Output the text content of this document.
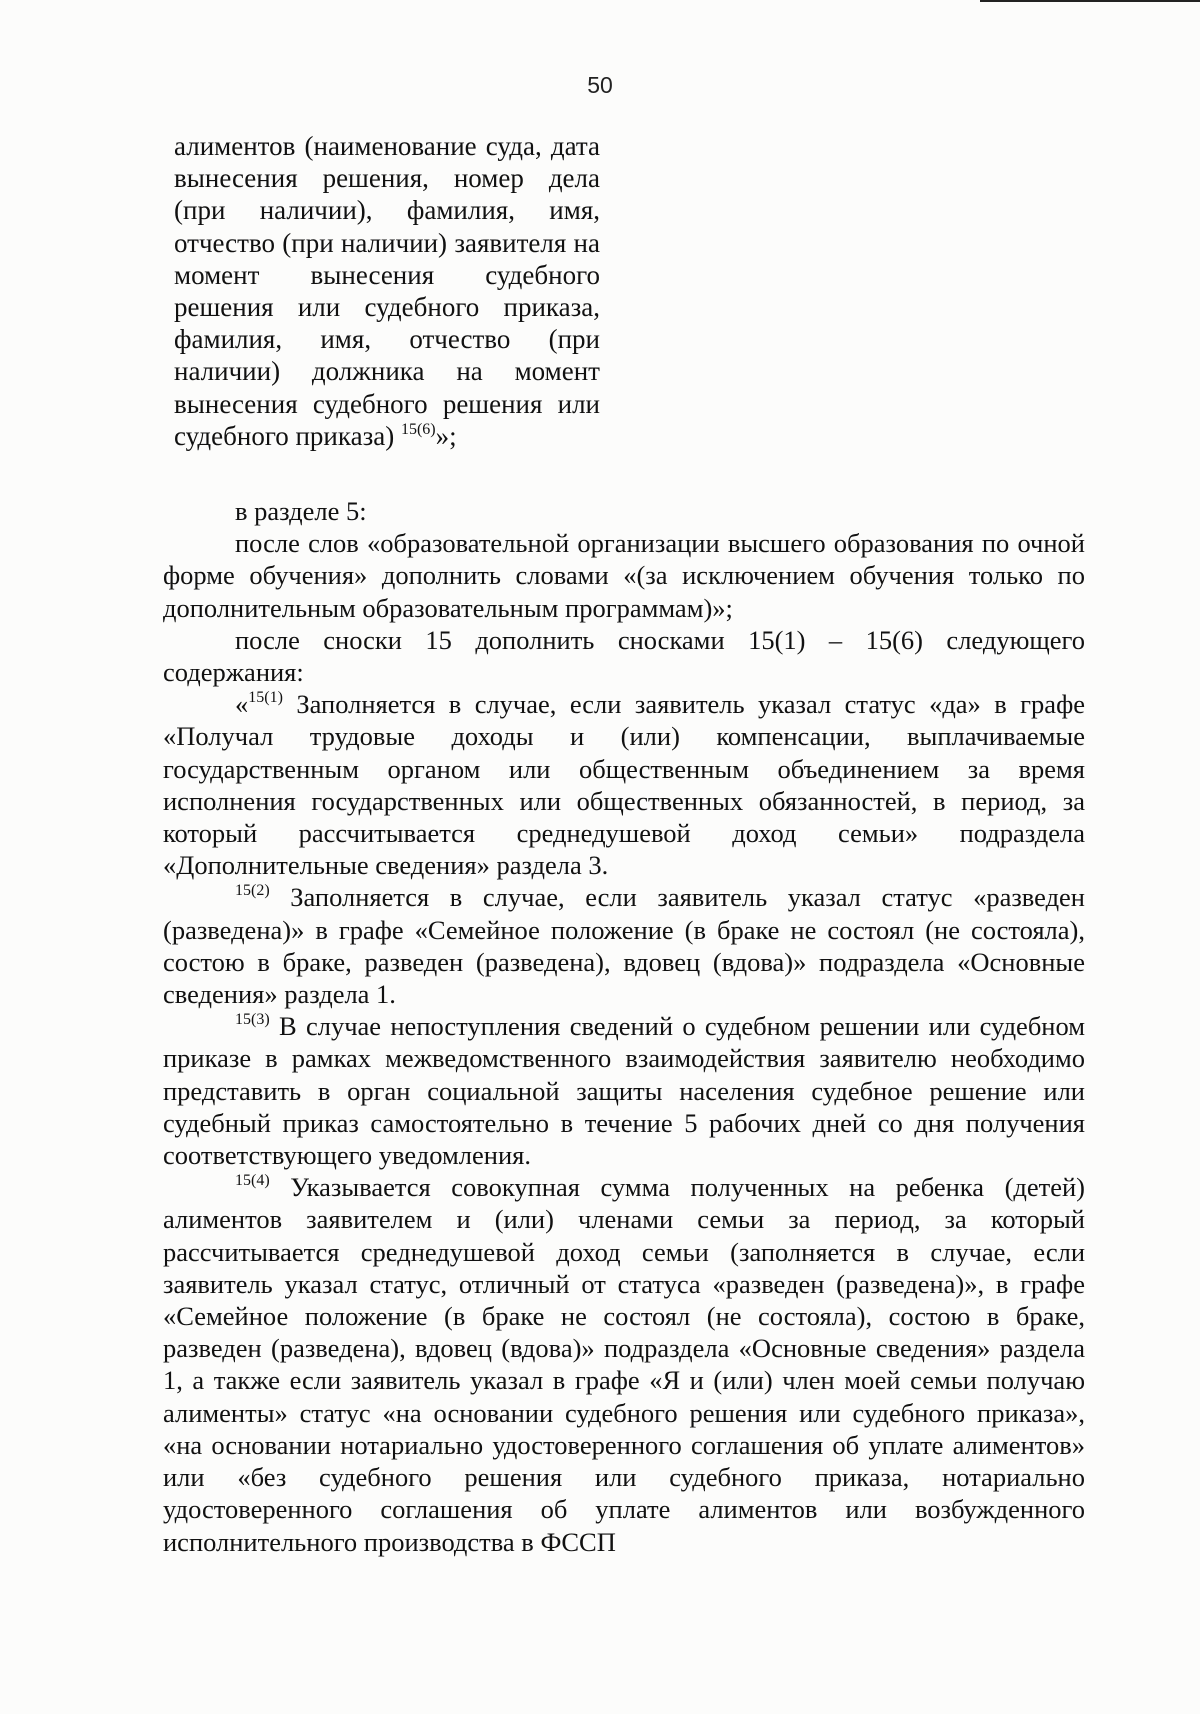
50
алиментов (наименование суда, дата вынесения решения, номер дела (при наличии), фамилия, имя, отчество (при наличии) заявителя на момент вынесения судебного решения или судебного приказа, фамилия, имя, отчество (при наличии) должника на момент вынесения судебного решения или судебного приказа) $^{15(6)}$»;

в разделе 5:

после слов «образовательной организации высшего образования по очной форме обучения» дополнить словами «(за исключением обучения только по дополнительным образовательным программам)»;

после сноски 15 дополнить сносками 15(1) – 15(6) следующего содержания:

«$^{15(1)}$ Заполняется в случае, если заявитель указал статус «да» в графе «Получал трудовые доходы и (или) компенсации, выплачиваемые государственным органом или общественным объединением за время исполнения государственных или общественных обязанностей, в период, за который рассчитывается среднедушевой доход семьи» подраздела «Дополнительные сведения» раздела 3.

$^{15(2)}$ Заполняется в случае, если заявитель указал статус «разведен (разведена)» в графе «Семейное положение (в браке не состоял (не состояла), состою в браке, разведен (разведена), вдовец (вдова)» подраздела «Основные сведения» раздела 1.

$^{15(3)}$ В случае непоступления сведений о судебном решении или судебном приказе в рамках межведомственного взаимодействия заявителю необходимо представить в орган социальной защиты населения судебное решение или судебный приказ самостоятельно в течение 5 рабочих дней со дня получения соответствующего уведомления.

$^{15(4)}$ Указывается совокупная сумма полученных на ребенка (детей) алиментов заявителем и (или) членами семьи за период, за который рассчитывается среднедушевой доход семьи (заполняется в случае, если заявитель указал статус, отличный от статуса «разведен (разведена)», в графе «Семейное положение (в браке не состоял (не состояла), состою в браке, разведен (разведена), вдовец (вдова)» подраздела «Основные сведения» раздела 1, а также если заявитель указал в графе «Я и (или) член моей семьи получаю алименты» статус «на основании судебного решения или судебного приказа», «на основании нотариально удостоверенного соглашения об уплате алиментов» или «без судебного решения или судебного приказа, нотариально удостоверенного соглашения об уплате алиментов или возбужденного исполнительного производства в ФССП
